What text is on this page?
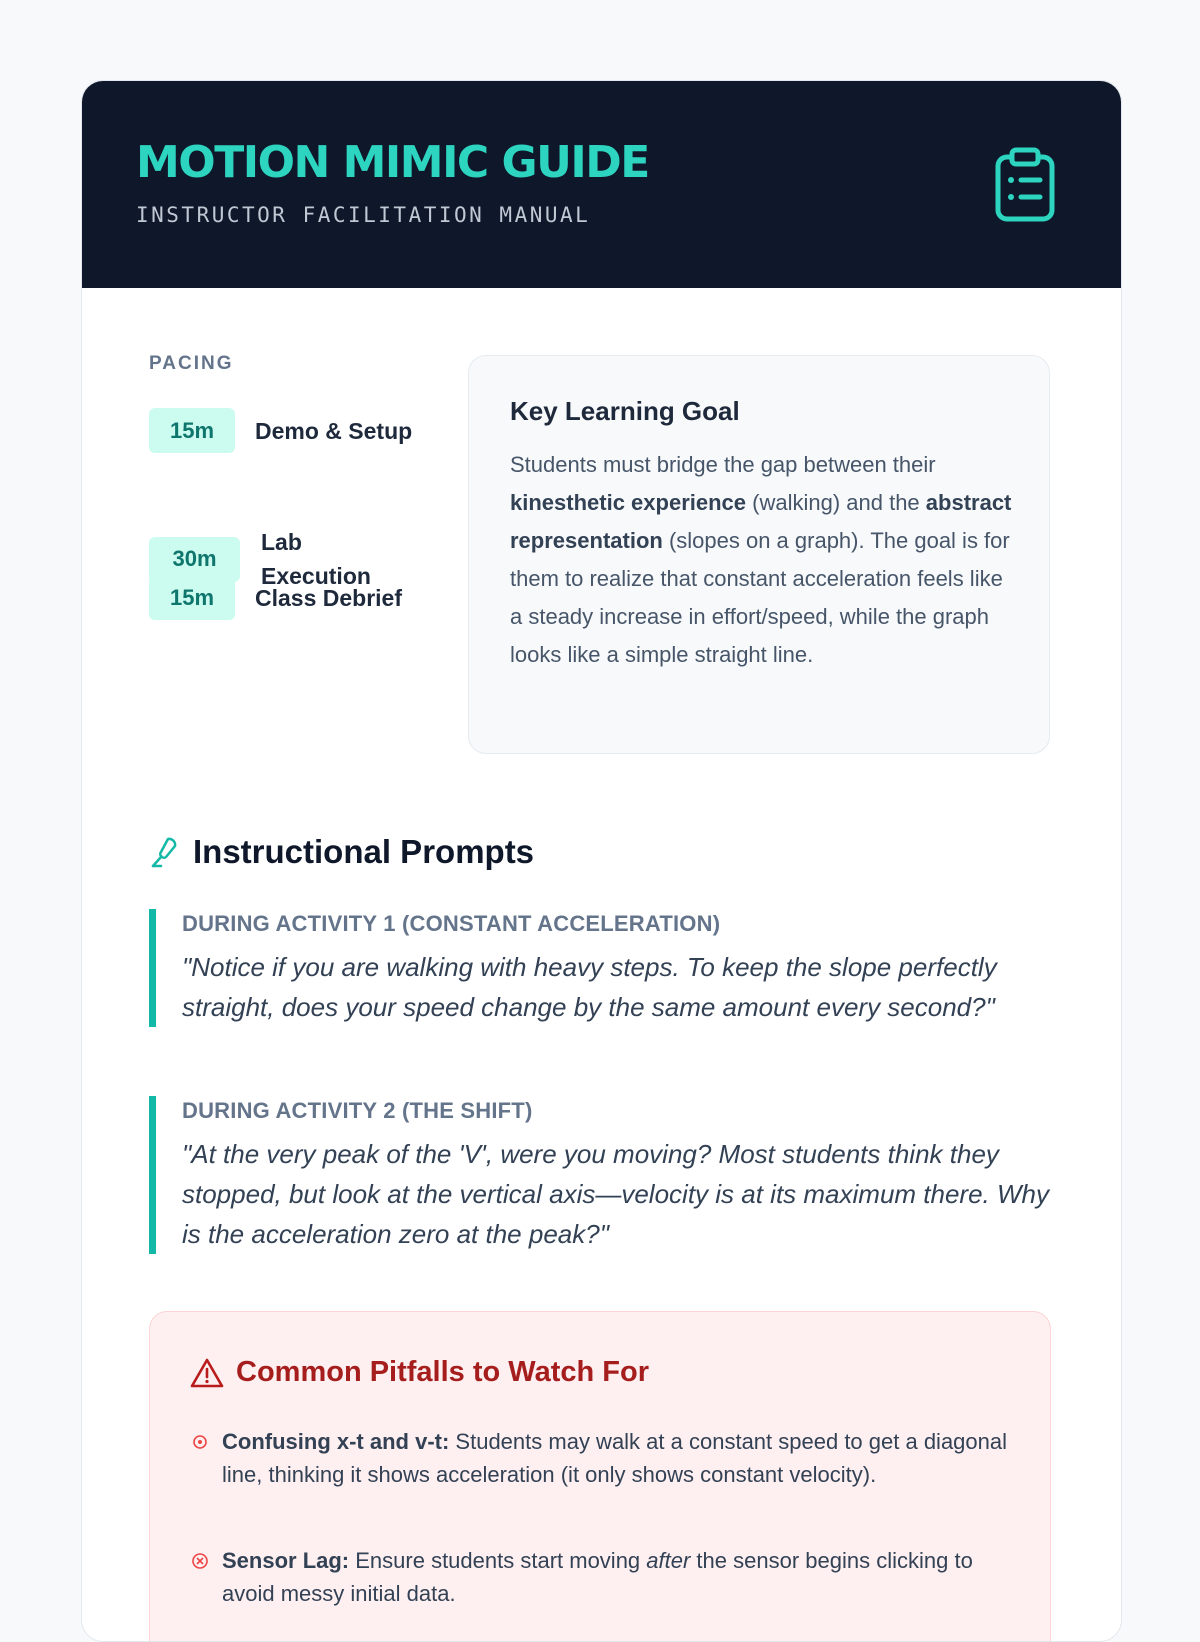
MOTION MIMIC GUIDE
INSTRUCTOR FACILITATION MANUAL
PACING
15m	Demo & Setup
30m
Lab Execution
15m	Class Debrief
Key Learning Goal
Students must bridge the gap between their kinesthetic experience (walking) and the abstract representation (slopes on a graph). The goal is for them to realize that constant acceleration feels like a steady increase in effort/speed, while the graph looks like a simple straight line.
Instructional Prompts
DURING ACTIVITY 1 (CONSTANT ACCELERATION)
"Notice if you are walking with heavy steps. To keep the slope perfectly straight, does your speed change by the same amount every second?"
DURING ACTIVITY 2 (THE SHIFT)
"At the very peak of the 'V', were you moving? Most students think they stopped, but look at the vertical axis—velocity is at its maximum there. Why is the acceleration zero at the peak?"
Common Pitfalls to Watch For
Confusing x-t and v-t: Students may walk at a constant speed to get a diagonal line, thinking it shows acceleration (it only shows constant velocity).
Sensor Lag: Ensure students start moving after the sensor begins clicking to avoid messy initial data.
